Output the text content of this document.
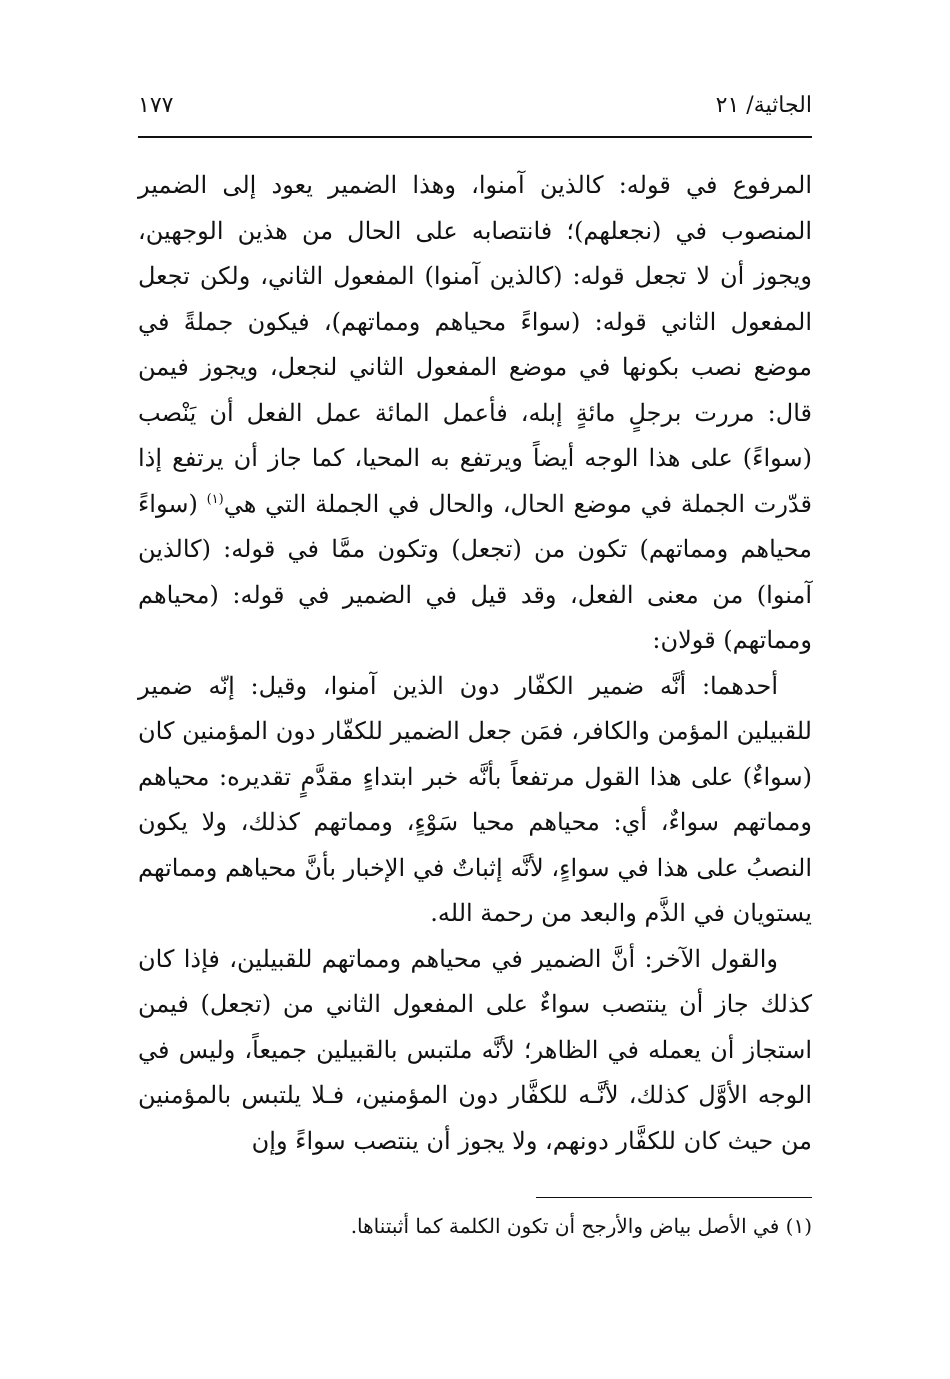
الجاثية/ ٢١
١٧٧

المرفوع في قوله: كالذين آمنوا، وهذا الضمير يعود إلى الضمير المنصوب في (نجعلهم)؛ فانتصابه على الحال من هذين الوجهين، ويجوز أن لا تجعل قوله: (كالذين آمنوا) المفعول الثاني، ولكن تجعل المفعول الثاني قوله: (سواءً محياهم ومماتهم)، فيكون جملةً في موضع نصب بكونها في موضع المفعول الثاني لنجعل، ويجوز فيمن قال: مررت برجلٍ مائةٍ إبله، فأعمل المائة عمل الفعل أن يَنْصب (سواءً) على هذا الوجه أيضاً ويرتفع به المحيا، كما جاز أن يرتفع إذا قدّرت الجملة في موضع الحال، والحال في الجملة التي هي$^{(١)}$ (سواءً محياهم ومماتهم) تكون من (تجعل) وتكون ممَّا في قوله: (كالذين آمنوا) من معنى الفعل، وقد قيل في الضمير في قوله: (محياهم ومماتهم) قولان:

أحدهما: أنَّه ضمير الكفّار دون الذين آمنوا، وقيل: إنّه ضمير للقبيلين المؤمن والكافر، فمَن جعل الضمير للكفّار دون المؤمنين كان (سواءٌ) على هذا القول مرتفعاً بأنَّه خبر ابتداءٍ مقدَّمٍ تقديره: محياهم ومماتهم سواءٌ، أي: محياهم محيا سَوْءٍ، ومماتهم كذلك، ولا يكون النصبُ على هذا في سواءٍ، لأنَّه إثباتٌ في الإخبار بأنَّ محياهم ومماتهم يستويان في الذَّم والبعد من رحمة الله.

والقول الآخر: أنَّ الضمير في محياهم ومماتهم للقبيلين، فإذا كان كذلك جاز أن ينتصب سواءٌ على المفعول الثاني من (تجعل) فيمن استجاز أن يعمله في الظاهر؛ لأنَّه ملتبس بالقبيلين جميعاً، وليس في الوجه الأوَّل كذلك، لأنَّـه للكفَّار دون المؤمنين، فـلا يلتبس بالمؤمنين من حيث كان للكفَّار دونهم، ولا يجوز أن ينتصب سواءً وإن

(١) في الأصل بياض والأرجح أن تكون الكلمة كما أثبتناها.
